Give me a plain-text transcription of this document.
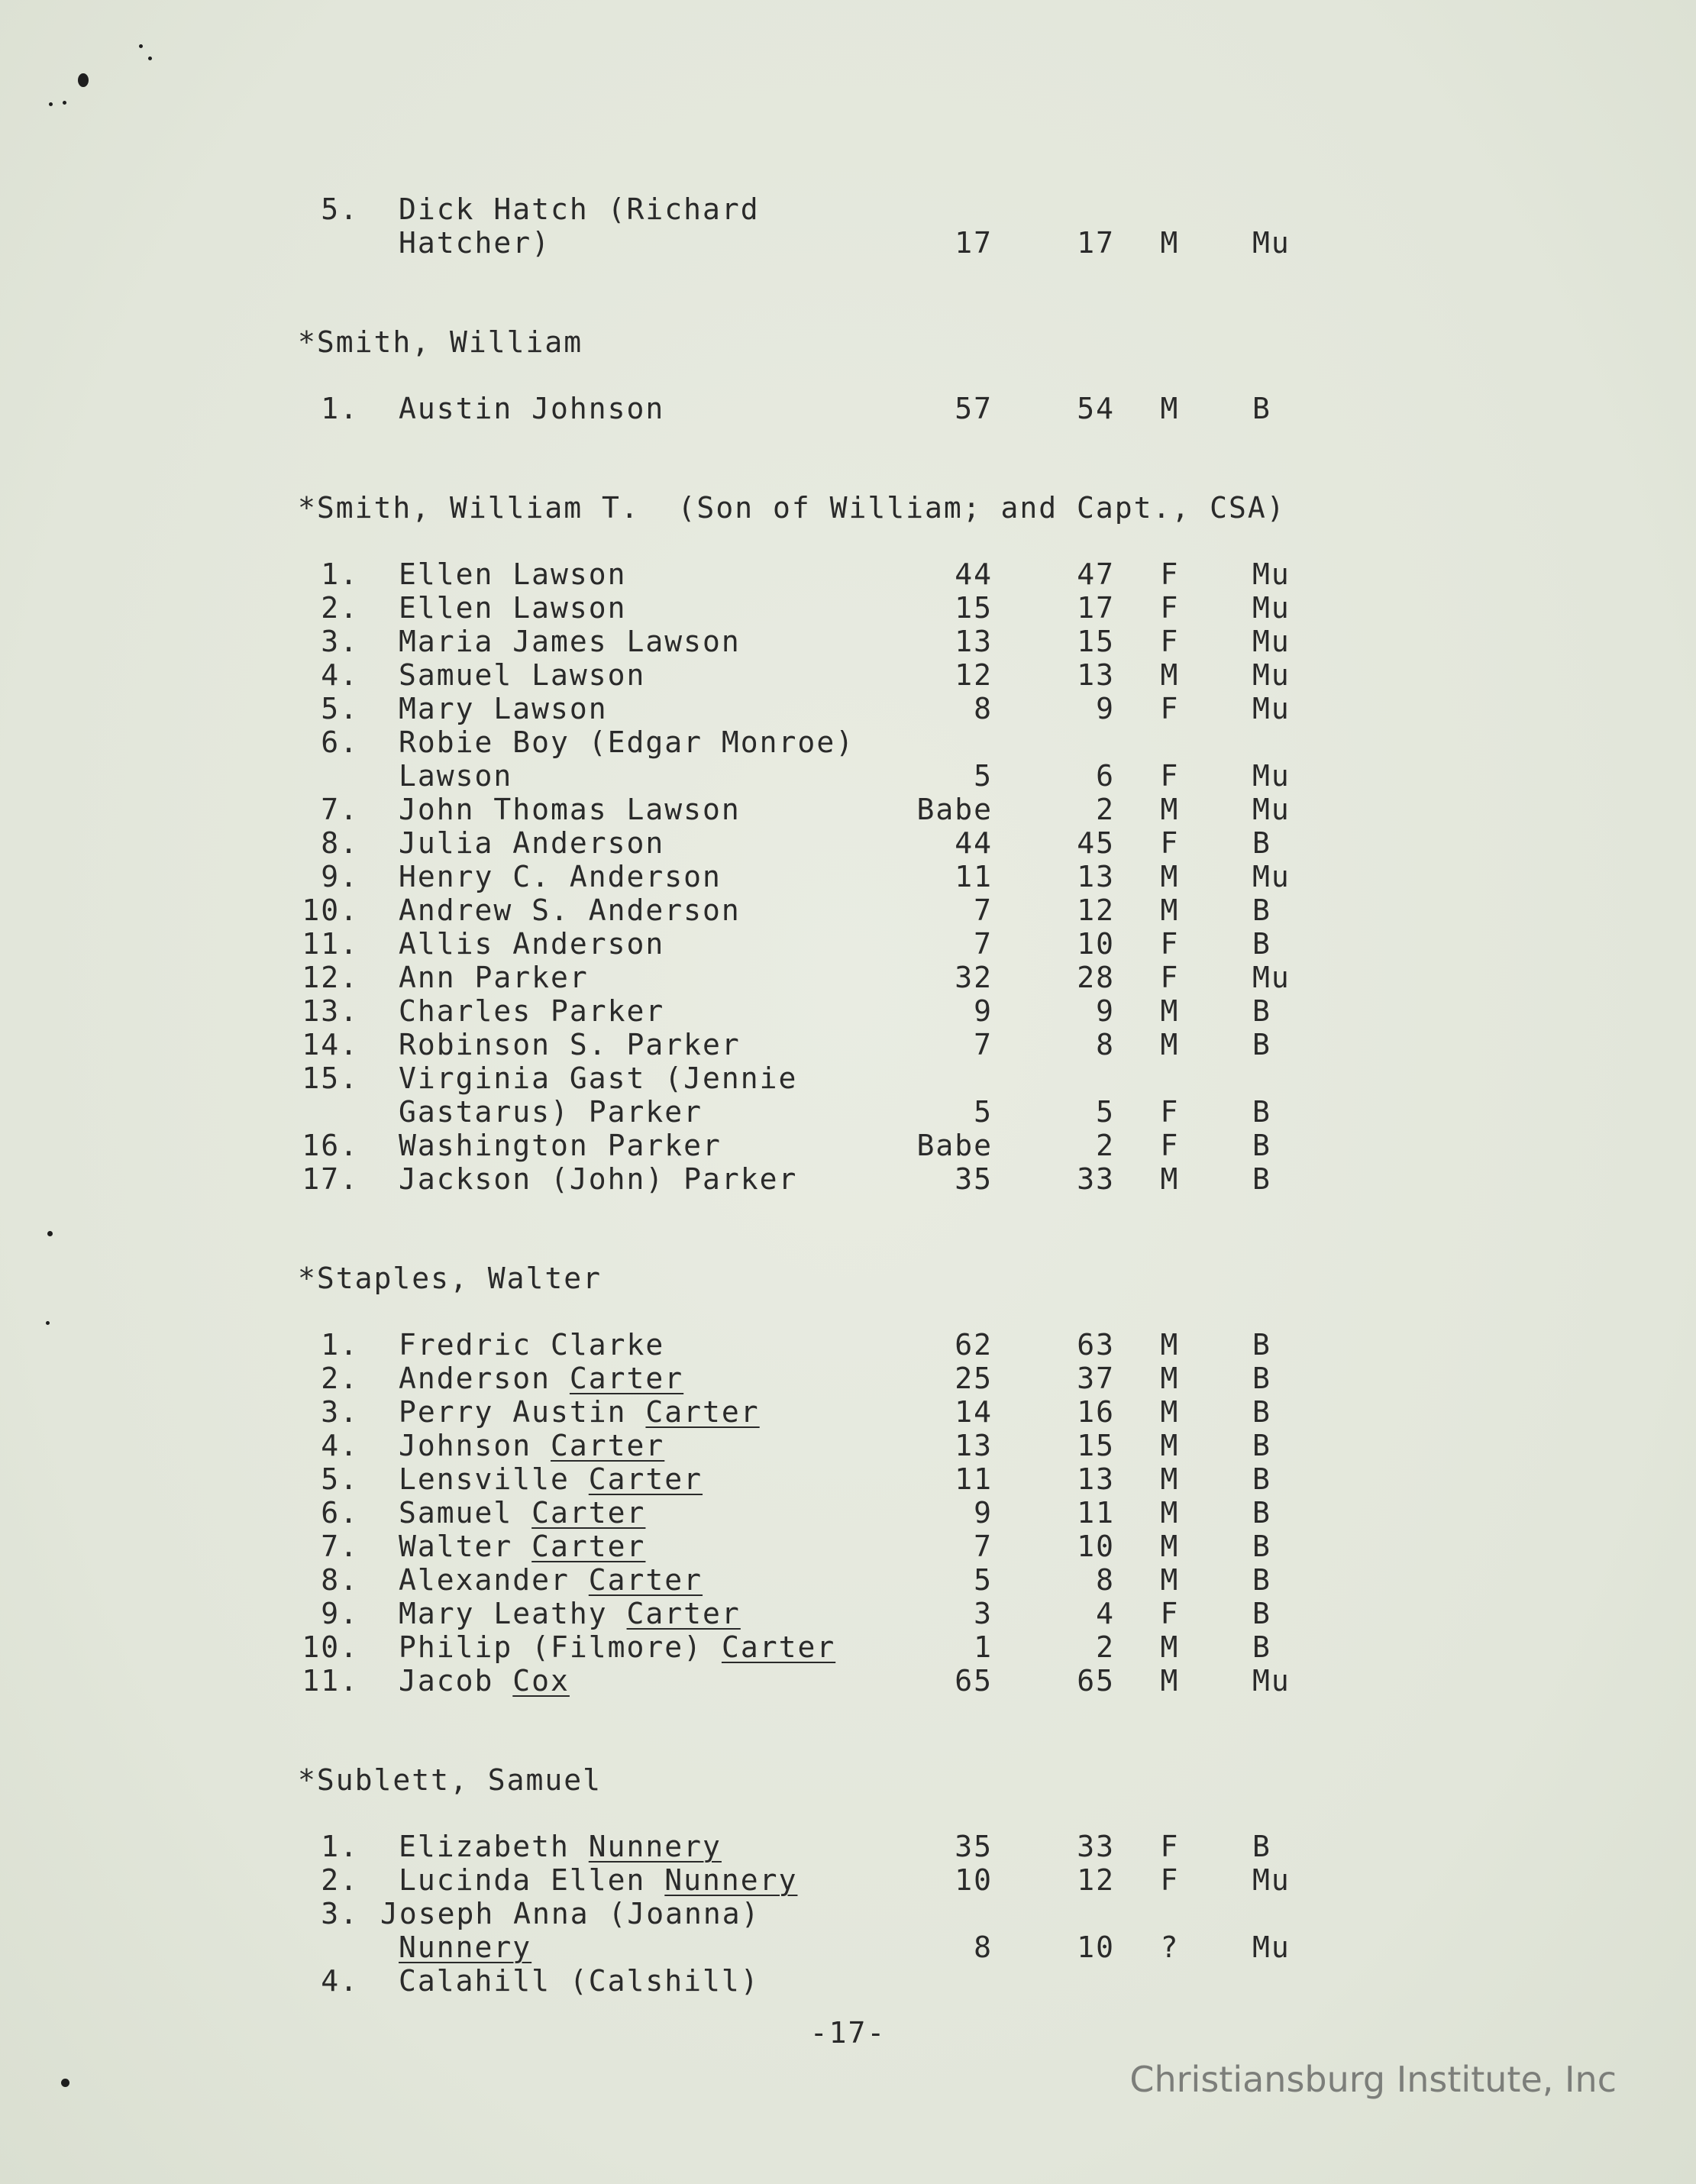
5. Dick Hatch (Richard
Hatcher)	17	17	M	Mu
*Smith, William
1. Austin Johnson	57	54	M	B
*Smith, William T.  (Son of William; and Capt., CSA)
1. Ellen Lawson	44	47	F	Mu
2. Ellen Lawson	15	17	F	Mu
3. Maria James Lawson	13	15	F	Mu
4. Samuel Lawson	12	13	M	Mu
5. Mary Lawson	8	9	F	Mu
6. Robie Boy (Edgar Monroe)
Lawson	5	6	F	Mu
7. John Thomas Lawson	Babe	2	M	Mu
8. Julia Anderson	44	45	F	B
9. Henry C. Anderson	11	13	M	Mu
10. Andrew S. Anderson	7	12	M	B
11. Allis Anderson	7	10	F	B
12. Ann Parker	32	28	F	Mu
13. Charles Parker	9	9	M	B
14. Robinson S. Parker	7	8	M	B
15. Virginia Gast (Jennie
Gastarus) Parker	5	5	F	B
16. Washington Parker	Babe	2	F	B
17. Jackson (John) Parker	35	33	M	B
*Staples, Walter
1. Fredric Clarke	62	63	M	B
2. Anderson Carter	25	37	M	B
3. Perry Austin Carter	14	16	M	B
4. Johnson Carter	13	15	M	B
5. Lensville Carter	11	13	M	B
6. Samuel Carter	9	11	M	B
7. Walter Carter	7	10	M	B
8. Alexander Carter	5	8	M	B
9. Mary Leathy Carter	3	4	F	B
10. Philip (Filmore) Carter	1	2	M	B
11. Jacob Cox	65	65	M	Mu
*Sublett, Samuel
1. Elizabeth Nunnery	35	33	F	B
2. Lucinda Ellen Nunnery	10	12	F	Mu
3. Joseph Anna (Joanna)
Nunnery	8	10	?	Mu
4. Calahill (Calshill)
-17-
Christiansburg Institute, Inc
